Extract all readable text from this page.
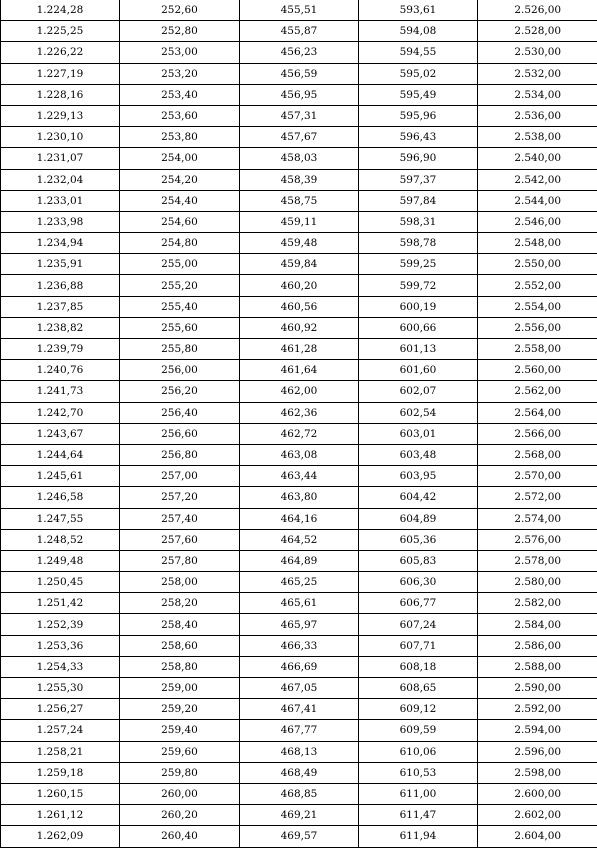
1.224,28	252,60	455,51	593,61	2.526,00
1.225,25	252,80	455,87	594,08	2.528,00
1.226,22	253,00	456,23	594,55	2.530,00
1.227,19	253,20	456,59	595,02	2.532,00
1.228,16	253,40	456,95	595,49	2.534,00
1.229,13	253,60	457,31	595,96	2.536,00
1.230,10	253,80	457,67	596,43	2.538,00
1.231,07	254,00	458,03	596,90	2.540,00
1.232,04	254,20	458,39	597,37	2.542,00
1.233,01	254,40	458,75	597,84	2.544,00
1.233,98	254,60	459,11	598,31	2.546,00
1.234,94	254,80	459,48	598,78	2.548,00
1.235,91	255,00	459,84	599,25	2.550,00
1.236,88	255,20	460,20	599,72	2.552,00
1.237,85	255,40	460,56	600,19	2.554,00
1.238,82	255,60	460,92	600,66	2.556,00
1.239,79	255,80	461,28	601,13	2.558,00
1.240,76	256,00	461,64	601,60	2.560,00
1.241,73	256,20	462,00	602,07	2.562,00
1.242,70	256,40	462,36	602,54	2.564,00
1.243,67	256,60	462,72	603,01	2.566,00
1.244,64	256,80	463,08	603,48	2.568,00
1.245,61	257,00	463,44	603,95	2.570,00
1.246,58	257,20	463,80	604,42	2.572,00
1.247,55	257,40	464,16	604,89	2.574,00
1.248,52	257,60	464,52	605,36	2.576,00
1.249,48	257,80	464,89	605,83	2.578,00
1.250,45	258,00	465,25	606,30	2.580,00
1.251,42	258,20	465,61	606,77	2.582,00
1.252,39	258,40	465,97	607,24	2.584,00
1.253,36	258,60	466,33	607,71	2.586,00
1.254,33	258,80	466,69	608,18	2.588,00
1.255,30	259,00	467,05	608,65	2.590,00
1.256,27	259,20	467,41	609,12	2.592,00
1.257,24	259,40	467,77	609,59	2.594,00
1.258,21	259,60	468,13	610,06	2.596,00
1.259,18	259,80	468,49	610,53	2.598,00
1.260,15	260,00	468,85	611,00	2.600,00
1.261,12	260,20	469,21	611,47	2.602,00
1.262,09	260,40	469,57	611,94	2.604,00
